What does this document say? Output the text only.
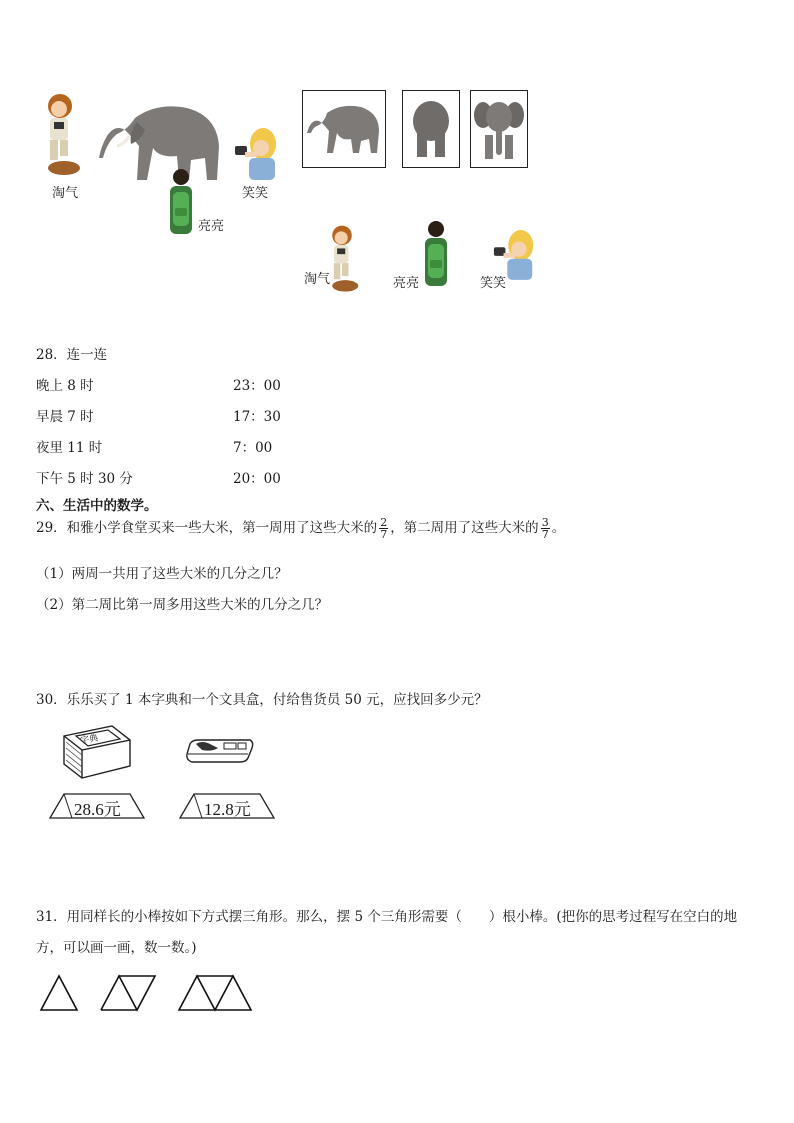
淘气
亮亮
笑笑
淘气	亮亮	笑笑
28．连一连
晚上 8 时
早晨 7 时
夜里 11 时
下午 5 时 30 分
23：00
17：30
7：00
20：00
六、生活中的数学。
29．和雅小学食堂买来一些大米，第一周用了这些大米的 $\frac{2}{7}$ ，第二周用了这些大米的 $\frac{3}{7}$ 。
（1）两周一共用了这些大米的几分之几？
（2）第二周比第一周多用这些大米的几分之几？
30．乐乐买了 1 本字典和一个文具盒，付给售货员 50 元，应找回多少元？
字典
28.6元	12.8元
31．用同样长的小棒按如下方式摆三角形。那么，摆 5 个三角形需要（　　）根小棒。(把你的思考过程写在空白的地
方，可以画一画，数一数。)
